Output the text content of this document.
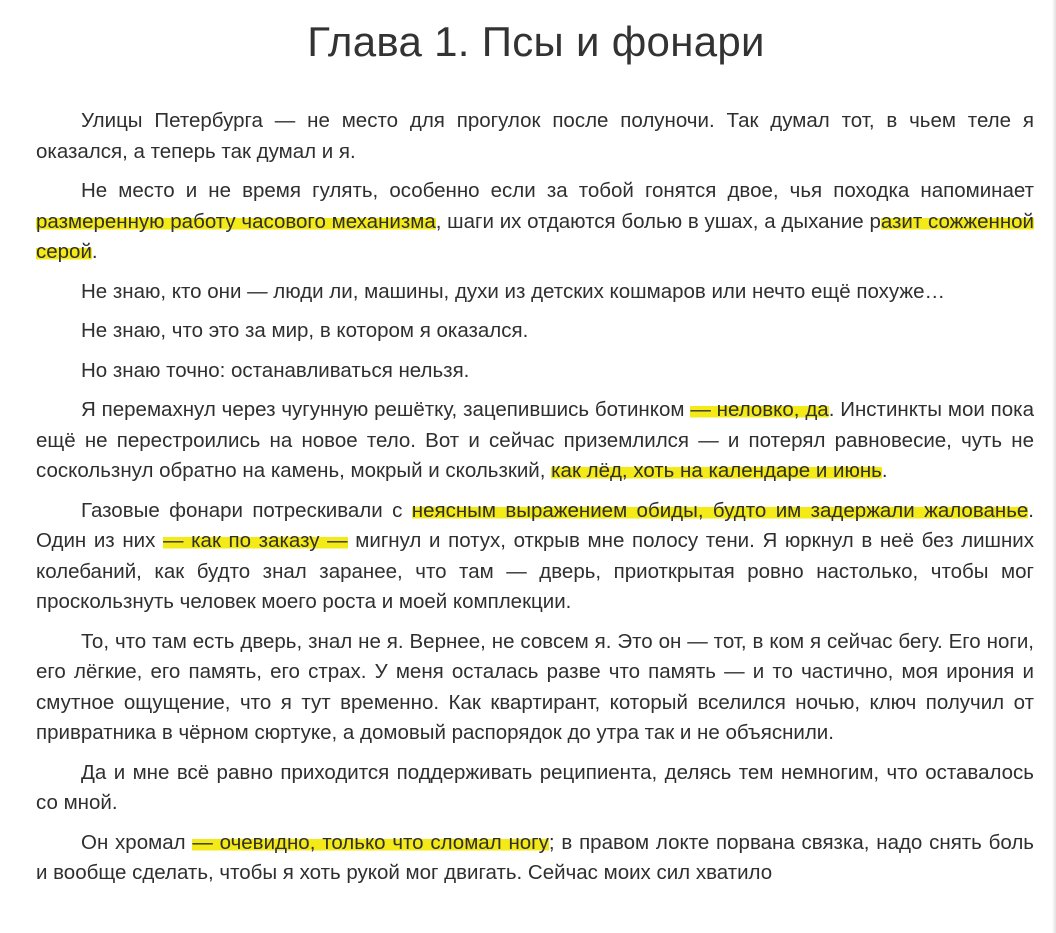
Глава 1. Псы и фонари

Улицы Петербурга — не место для прогулок после полуночи. Так думал тот, в чьем теле я оказался, а теперь так думал и я.

Не место и не время гулять, особенно если за тобой гонятся двое, чья походка напоминает размеренную работу часового механизма, шаги их отдаются болью в ушах, а дыхание разит сожженной серой.

Не знаю, кто они — люди ли, машины, духи из детских кошмаров или нечто ещё похуже…

Не знаю, что это за мир, в котором я оказался.

Но знаю точно: останавливаться нельзя.

Я перемахнул через чугунную решётку, зацепившись ботинком — неловко, да. Инстинкты мои пока ещё не перестроились на новое тело. Вот и сейчас приземлился — и потерял равновесие, чуть не соскользнул обратно на камень, мокрый и скользкий, как лёд, хоть на календаре и июнь.

Газовые фонари потрескивали с неясным выражением обиды, будто им задержали жалованье. Один из них — как по заказу — мигнул и потух, открыв мне полосу тени. Я юркнул в неё без лишних колебаний, как будто знал заранее, что там — дверь, приоткрытая ровно настолько, чтобы мог проскользнуть человек моего роста и моей комплекции.

То, что там есть дверь, знал не я. Вернее, не совсем я. Это он — тот, в ком я сейчас бегу. Его ноги, его лёгкие, его память, его страх. У меня осталась разве что память — и то частично, моя ирония и смутное ощущение, что я тут временно. Как квартирант, который вселился ночью, ключ получил от привратника в чёрном сюртуке, а домовый распорядок до утра так и не объяснили.

Да и мне всё равно приходится поддерживать реципиента, делясь тем немногим, что оставалось со мной.

Он хромал — очевидно, только что сломал ногу; в правом локте порвана связка, надо снять боль и вообще сделать, чтобы я хоть рукой мог двигать. Сейчас моих сил хватило
